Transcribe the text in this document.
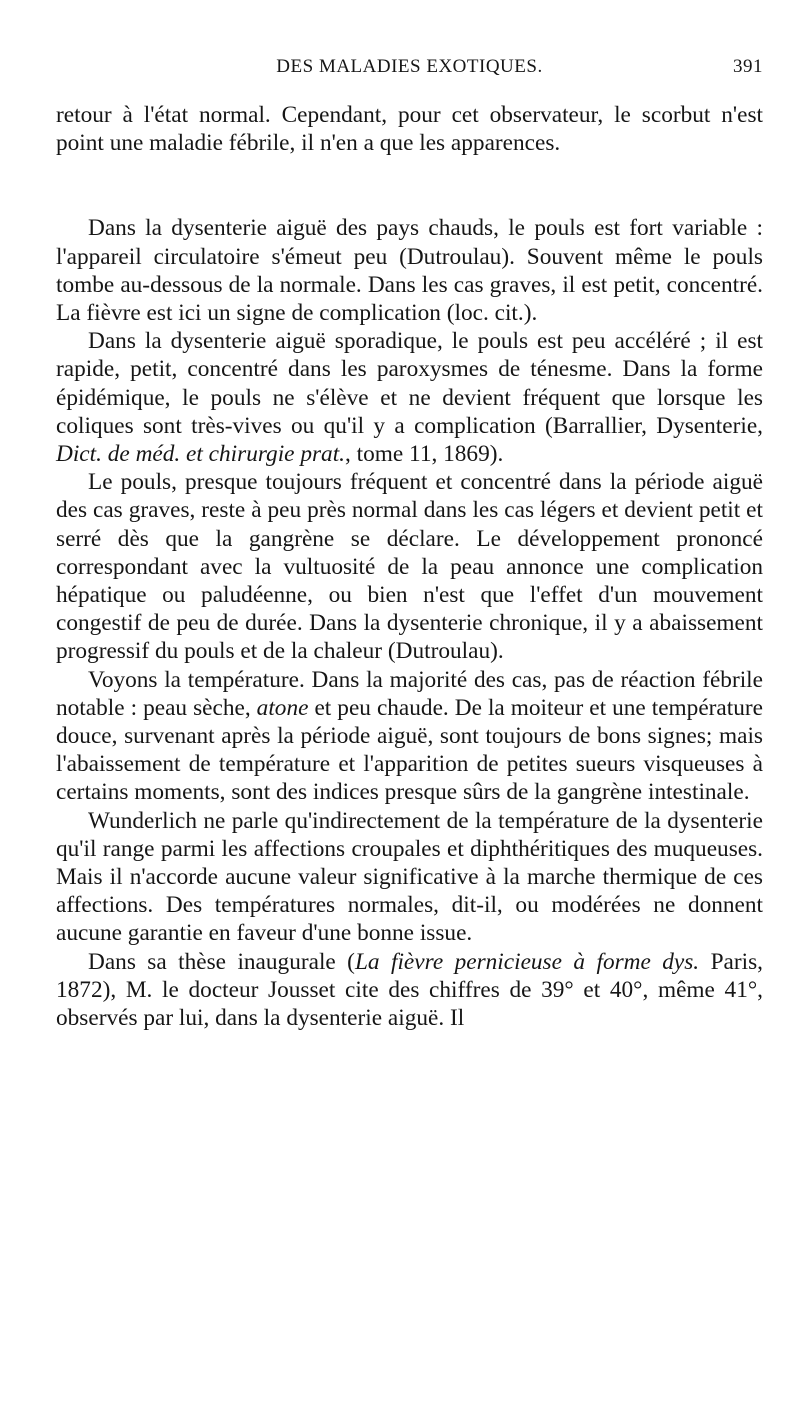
DES MALADIES EXOTIQUES.	391

retour à l'état normal. Cependant, pour cet observateur, le scorbut n'est point une maladie fébrile, il n'en a que les apparences.

Dans la dysenterie aiguë des pays chauds, le pouls est fort variable : l'appareil circulatoire s'émeut peu (Dutroulau). Souvent même le pouls tombe au-dessous de la normale. Dans les cas graves, il est petit, concentré. La fièvre est ici un signe de complication (loc. cit.).

Dans la dysenterie aiguë sporadique, le pouls est peu accéléré ; il est rapide, petit, concentré dans les paroxysmes de ténesme. Dans la forme épidémique, le pouls ne s'élève et ne devient fréquent que lorsque les coliques sont très-vives ou qu'il y a complication (Barrallier, Dysenterie, Dict. de méd. et chirurgie prat., tome 11, 1869).

Le pouls, presque toujours fréquent et concentré dans la période aiguë des cas graves, reste à peu près normal dans les cas légers et devient petit et serré dès que la gangrène se déclare. Le développement prononcé correspondant avec la vultuosité de la peau annonce une complication hépatique ou paludéenne, ou bien n'est que l'effet d'un mouvement congestif de peu de durée. Dans la dysenterie chronique, il y a abaissement progressif du pouls et de la chaleur (Dutroulau).

Voyons la température. Dans la majorité des cas, pas de réaction fébrile notable : peau sèche, atone et peu chaude. De la moiteur et une température douce, survenant après la période aiguë, sont toujours de bons signes; mais l'abaissement de température et l'apparition de petites sueurs visqueuses à certains moments, sont des indices presque sûrs de la gangrène intestinale.

Wunderlich ne parle qu'indirectement de la température de la dysenterie qu'il range parmi les affections croupales et diphthéritiques des muqueuses. Mais il n'accorde aucune valeur significative à la marche thermique de ces affections. Des températures normales, dit-il, ou modérées ne donnent aucune garantie en faveur d'une bonne issue.

Dans sa thèse inaugurale (La fièvre pernicieuse à forme dys. Paris, 1872), M. le docteur Jousset cite des chiffres de 39° et 40°, même 41°, observés par lui, dans la dysenterie aiguë. Il
